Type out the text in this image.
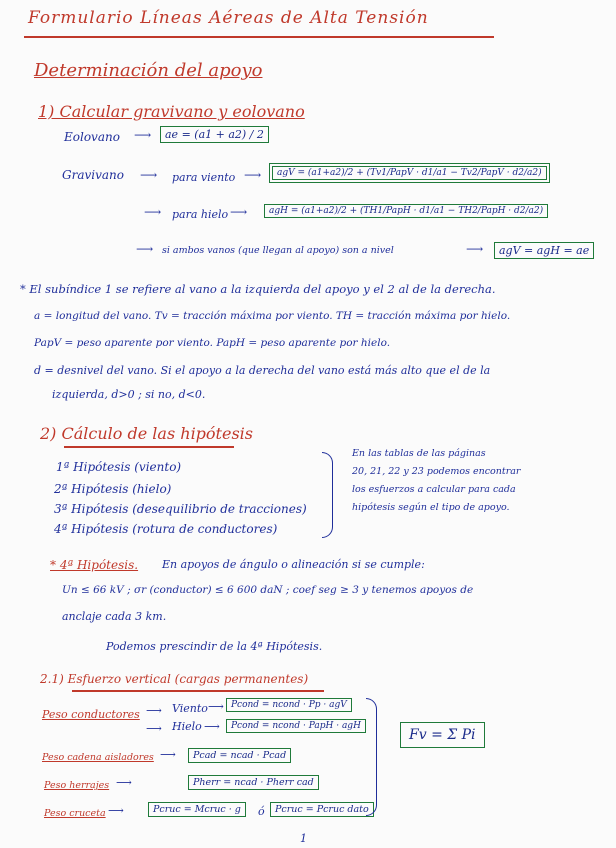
Formulario Líneas Aéreas de Alta Tensión
Determinación del apoyo
1) Calcular gravivano y eolovano
Eolovano ⟶	ae = (a1 + a2) / 2
Gravivano ⟶ para viento ⟶	agV = (a1+a2)/2 + (Tv1/PapV · d1/a1 − Tv2/PapV · d2/a2)
⟶ para hielo ⟶	agH = (a1+a2)/2 + (TH1/PapH · d1/a1 − TH2/PapH · d2/a2)
⟶ si ambos vanos (que llegan al apoyo) son a nivel	⟶	agV = agH = ae
* El subíndice 1 se refiere al vano a la izquierda del apoyo y el 2 al de la derecha.
a = longitud del vano. Tv = tracción máxima por viento. TH = tracción máxima por hielo.
PapV = peso aparente por viento. PapH = peso aparente por hielo.
d = desnivel del vano. Si el apoyo a la derecha del vano está más alto que el de la
izquierda, d>0 ; si no, d<0.
2) Cálculo de las hipótesis
1ª Hipótesis (viento)
2ª Hipótesis (hielo)
3ª Hipótesis (desequilibrio de tracciones)
4ª Hipótesis (rotura de conductores)
En las tablas de las páginas
20, 21, 22 y 23 podemos encontrar
los esfuerzos a calcular para cada
hipótesis según el tipo de apoyo.
* 4ª Hipótesis. En apoyos de ángulo o alineación si se cumple:
Un ≤ 66 kV ; σr (conductor) ≤ 6 600 daN ; coef seg ≥ 3 y tenemos apoyos de
anclaje cada 3 km.
Podemos prescindir de la 4ª Hipótesis.
2.1) Esfuerzo vertical (cargas permanentes)
Peso conductores ⟶ Viento ⟶ Pcond = ncond · Pp · agV
⟶ Hielo ⟶	Pcond = ncond · PapH · agH
Peso cadena aisladores ⟶	Pcad = ncad · Pcad
Peso herrajes ⟶	Pherr = ncad · Pherr cad
Peso cruceta ⟶	Pcruc = Mcruc · g	ó	Pcruc = Pcruc dato
Fv = Σ Pi
1
